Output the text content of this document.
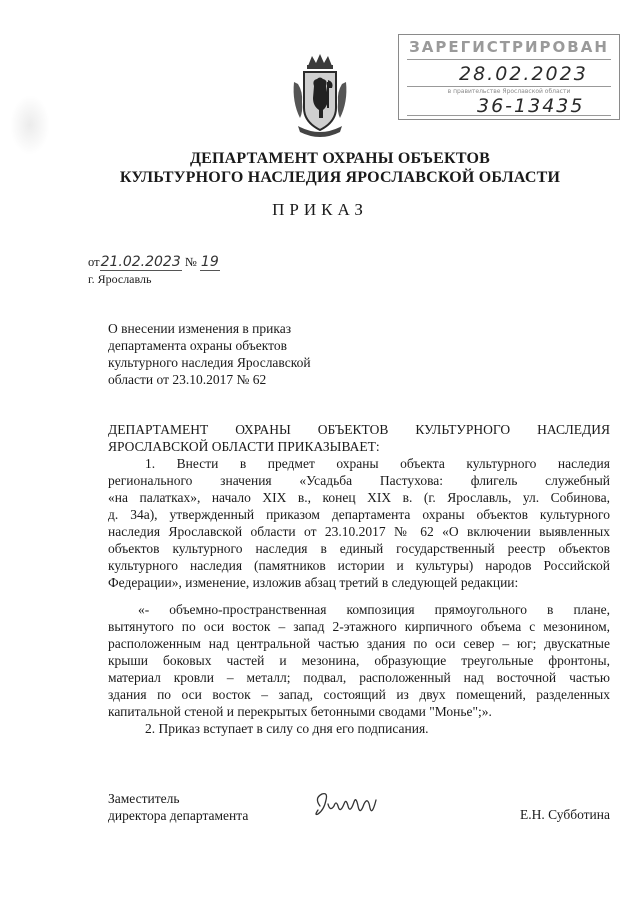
ЗАРЕГИСТРИРОВАН
28.02.2023
в правительстве Ярославской области
36-13435
ДЕПАРТАМЕНТ ОХРАНЫ ОБЪЕКТОВ
КУЛЬТУРНОГО НАСЛЕДИЯ ЯРОСЛАВСКОЙ ОБЛАСТИ
ПРИКАЗ
от21.02.2023 № 19
г. Ярославль
О внесении изменения в приказ
департамента охраны объектов
культурного наследия Ярославской
области от 23.10.2017 № 62
ДЕПАРТАМЕНТ ОХРАНЫ ОБЪЕКТОВ КУЛЬТУРНОГО НАСЛЕДИЯ
ЯРОСЛАВСКОЙ ОБЛАСТИ ПРИКАЗЫВАЕТ:
1. Внести в предмет охраны объекта культурного наследия
регионального значения «Усадьба Пастухова: флигель служебный
«на палатках», начало XIX в., конец XIX в. (г. Ярославль, ул. Собинова,
д. 34а), утвержденный приказом департамента охраны объектов культурного
наследия Ярославской области от 23.10.2017 № 62 «О включении выявленных
объектов культурного наследия в единый государственный реестр объектов
культурного наследия (памятников истории и культуры) народов Российской
Федерации», изменение, изложив абзац третий в следующей редакции:
«- объемно-пространственная композиция прямоугольного в плане,
вытянутого по оси восток – запад 2-этажного кирпичного объема с мезонином,
расположенным над центральной частью здания по оси север – юг; двускатные
крыши боковых частей и мезонина, образующие треугольные фронтоны,
материал кровли – металл; подвал, расположенный над восточной частью
здания по оси восток – запад, состоящий из двух помещений, разделенных
капитальной стеной и перекрытых бетонными сводами "Монье";».
2. Приказ вступает в силу со дня его подписания.
Заместитель
директора департамента	Е.Н. Субботина
